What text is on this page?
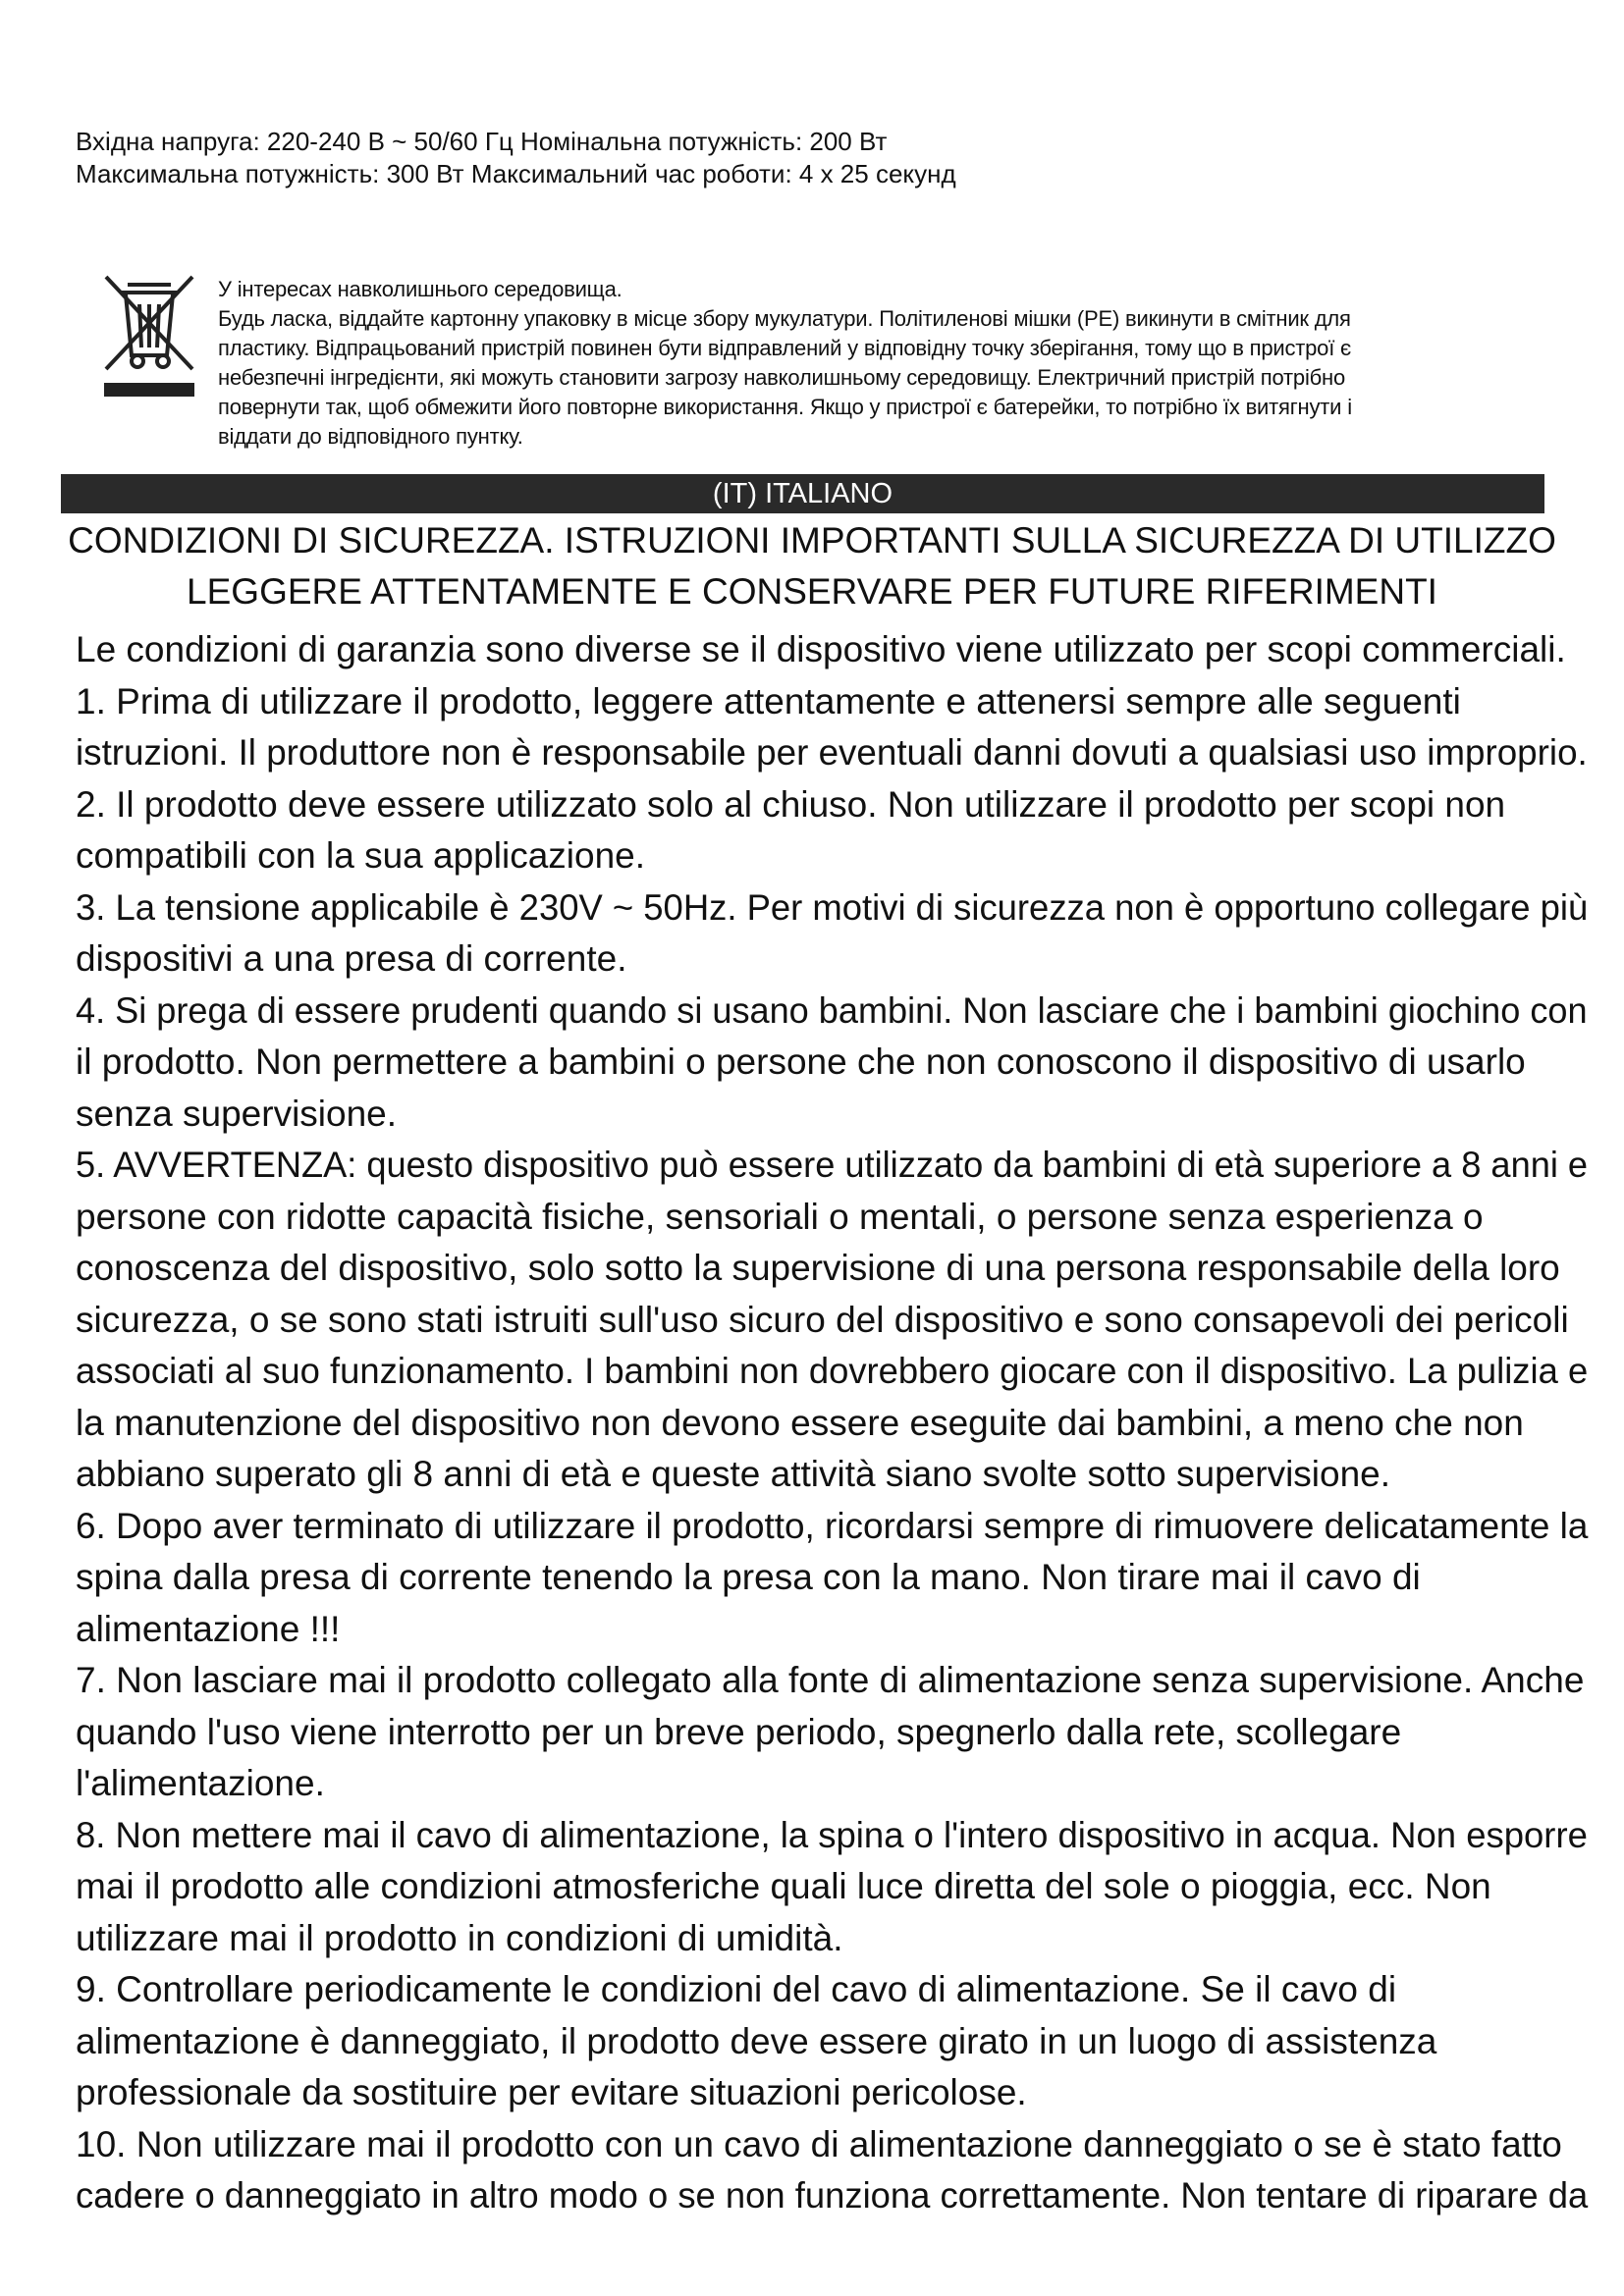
Вхідна напруга: 220-240 В ~ 50/60 Гц Номінальна потужність: 200 Вт Максимальна потужність: 300 Вт Максимальний час роботи: 4 х 25 секунд
У інтересах навколишнього середовища. Будь ласка, віддайте картонну упаковку в місце збору мукулатури. Політиленові мішки (PE) викинути в смітник для пластику. Відпрацьований пристрій повинен бути відправлений у відповідну точку зберігання, тому що в пристрої є небезпечні інгредієнти, які можуть становити загрозу навколишньому середовищу. Електричний пристрій потрібно повернути так, щоб обмежити його повторне використання. Якщо у пристрої є батерейки, то потрібно їх витягнути і віддати до відповідного пунтку.
(IT) ITALIANO
CONDIZIONI DI SICUREZZA. ISTRUZIONI IMPORTANTI SULLA SICUREZZA DI UTILIZZO
LEGGERE ATTENTAMENTE E CONSERVARE PER FUTURE RIFERIMENTI
Le condizioni di garanzia sono diverse se il dispositivo viene utilizzato per scopi commerciali.1. Prima di utilizzare il prodotto, leggere attentamente e attenersi sempre alle seguentiistruzioni. Il produttore non è responsabile per eventuali danni dovuti a qualsiasi uso improprio.2. Il prodotto deve essere utilizzato solo al chiuso. Non utilizzare il prodotto per scopi noncompatibili con la sua applicazione.3. La tensione applicabile è 230V ~ 50Hz. Per motivi di sicurezza non è opportuno collegare piùdispositivi a una presa di corrente.4. Si prega di essere prudenti quando si usano bambini. Non lasciare che i bambini giochino conil prodotto. Non permettere a bambini o persone che non conoscono il dispositivo di usarlosenza supervisione.5. AVVERTENZA: questo dispositivo può essere utilizzato da bambini di età superiore a 8 anni epersone con ridotte capacità fisiche, sensoriali o mentali, o persone senza esperienza oconoscenza del dispositivo, solo sotto la supervisione di una persona responsabile della lorosicurezza, o se sono stati istruiti sull'uso sicuro del dispositivo e sono consapevoli dei pericoliassociati al suo funzionamento. I bambini non dovrebbero giocare con il dispositivo. La pulizia ela manutenzione del dispositivo non devono essere eseguite dai bambini, a meno che nonabbiano superato gli 8 anni di età e queste attività siano svolte sotto supervisione.6. Dopo aver terminato di utilizzare il prodotto, ricordarsi sempre di rimuovere delicatamente laspina dalla presa di corrente tenendo la presa con la mano. Non tirare mai il cavo dialimentazione !!!7. Non lasciare mai il prodotto collegato alla fonte di alimentazione senza supervisione. Anchequando l'uso viene interrotto per un breve periodo, spegnerlo dalla rete, scollegarel'alimentazione.8. Non mettere mai il cavo di alimentazione, la spina o l'intero dispositivo in acqua. Non esporremai il prodotto alle condizioni atmosferiche quali luce diretta del sole o pioggia, ecc. Nonutilizzare mai il prodotto in condizioni di umidità.9. Controllare periodicamente le condizioni del cavo di alimentazione. Se il cavo dialimentazione è danneggiato, il prodotto deve essere girato in un luogo di assistenzaprofessionale da sostituire per evitare situazioni pericolose.10. Non utilizzare mai il prodotto con un cavo di alimentazione danneggiato o se è stato fattocadere o danneggiato in altro modo o se non funziona correttamente. Non tentare di riparare da
